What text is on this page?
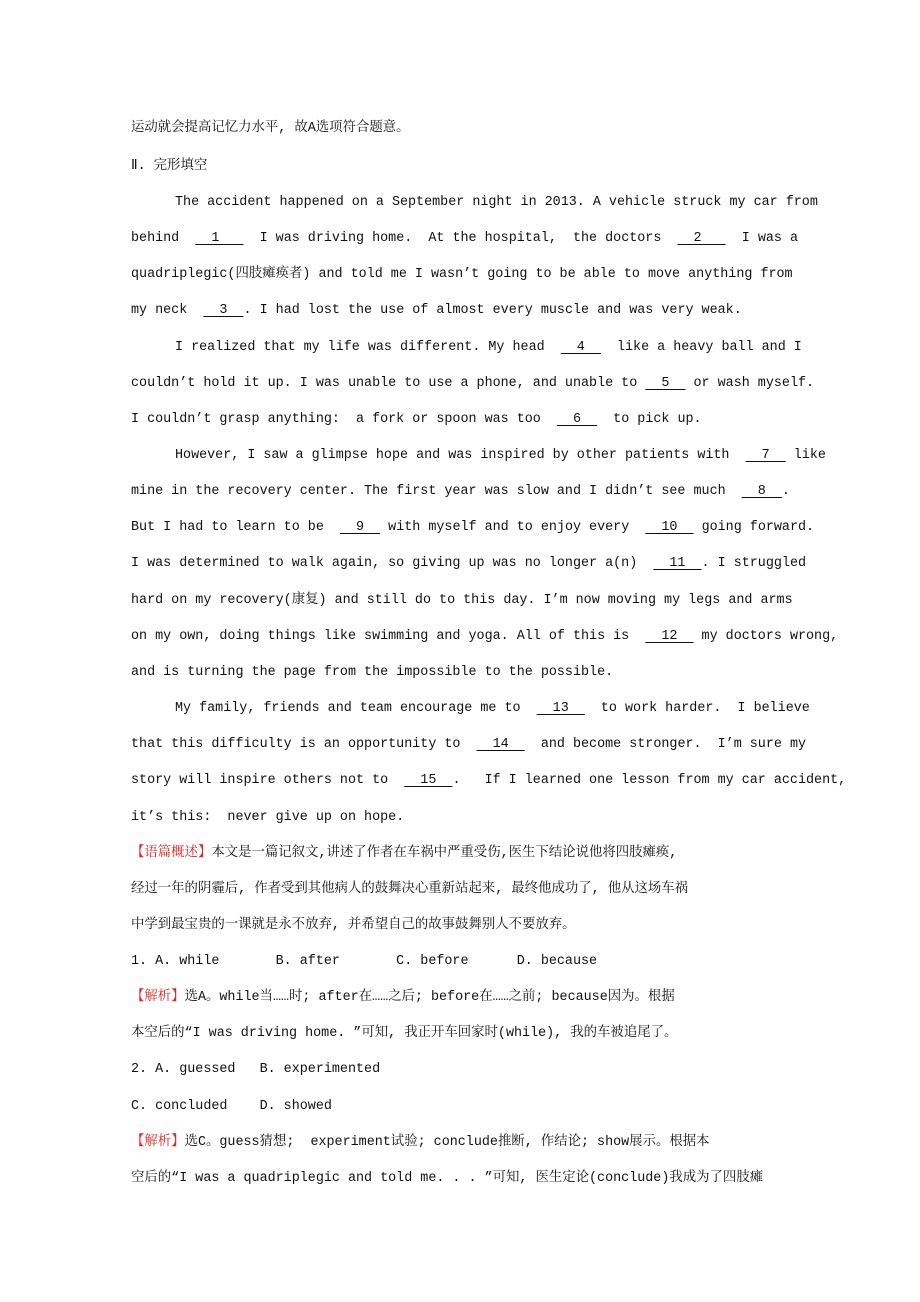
运动就会提高记忆力水平, 故A选项符合题意。
Ⅱ. 完形填空
The accident happened on a September night in 2013. A vehicle struck my car from
behind    1     I was driving home.  At the hospital,  the doctors    2     I was a
quadriplegic(四肢瘫痪者) and told me I wasn’t going to be able to move anything from
my neck    3  . I had lost the use of almost every muscle and was very weak.
I realized that my life was different. My head    4    like a heavy ball and I
couldn’t hold it up. I was unable to use a phone, and unable to   5   or wash myself.
I couldn’t grasp anything:  a fork or spoon was too    6    to pick up.
However, I saw a glimpse hope and was inspired by other patients with    7   like
mine in the recovery center. The first year was slow and I didn’t see much    8  .
But I had to learn to be    9   with myself and to enjoy every    10   going forward.
I was determined to walk again, so giving up was no longer a(n)    11  . I struggled
hard on my recovery(康复) and still do to this day. I’m now moving my legs and arms
on my own, doing things like swimming and yoga. All of this is    12   my doctors wrong,
and is turning the page from the impossible to the possible.
My family, friends and team encourage me to    13    to work harder.  I believe
that this difficulty is an opportunity to    14    and become stronger.  I’m sure my
story will inspire others not to    15  .   If I learned one lesson from my car accident,
it’s this:  never give up on hope.
【语篇概述】本文是一篇记叙文,讲述了作者在车祸中严重受伤,医生下结论说他将四肢瘫痪,
经过一年的阴霾后, 作者受到其他病人的鼓舞决心重新站起来, 最终他成功了, 他从这场车祸
中学到最宝贵的一课就是永不放弃, 并希望自己的故事鼓舞别人不要放弃。
1. A. while       B. after       C. before      D. because
【解析】选A。while当……时; after在……之后; before在……之前; because因为。根据
本空后的“I was driving home. ”可知, 我正开车回家时(while), 我的车被追尾了。
2. A. guessed   B. experimented
C. concluded    D. showed
【解析】选C。guess猜想;  experiment试验; conclude推断, 作结论; show展示。根据本
空后的“I was a quadriplegic and told me. . . ”可知, 医生定论(conclude)我成为了四肢瘫
